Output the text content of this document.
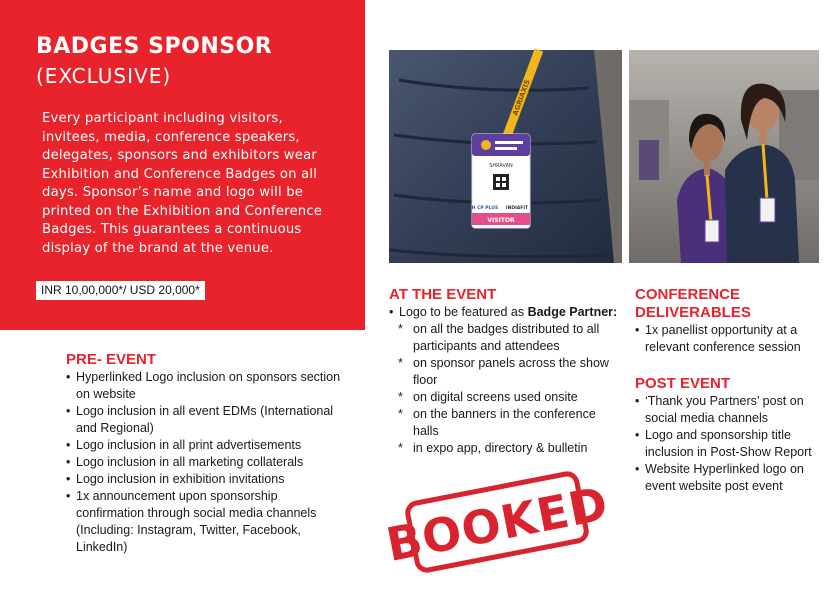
BADGES SPONSOR
(EXCLUSIVE)
Every participant including visitors, invitees, media, conference speakers, delegates, sponsors and exhibitors wear Exhibition and Conference Badges on all days. Sponsor’s name and logo will be printed on the Exhibition and Conference Badges. This guarantees a continuous display of the brand at the venue.
INR 10,00,000*/ USD 20,000*
AGRIAXIS
SHRAVAN
H CP PLUS INDIAFIT
VISITOR
PRE- EVENT
• Hyperlinked Logo inclusion on sponsors section on website
• Logo inclusion in all event EDMs (International and Regional)
• Logo inclusion in all print advertisements
• Logo inclusion in all marketing collaterals
• Logo inclusion in exhibition invitations
• 1x announcement upon sponsorship confirmation through social media channels (Including: Instagram, Twitter, Facebook, LinkedIn)
AT THE EVENT
• Logo to be featured as Badge Partner:
* on all the badges distributed to all participants and attendees
* on sponsor panels across the show floor
* on digital screens used onsite
* on the banners in the conference halls
* in expo app, directory & bulletin
CONFERENCE
DELIVERABLES
• 1x panellist opportunity at a relevant conference session
POST EVENT
• ‘Thank you Partners’ post on social media channels
• Logo and sponsorship title inclusion in Post-Show Report
• Website Hyperlinked logo on event website post event
BOOKED
